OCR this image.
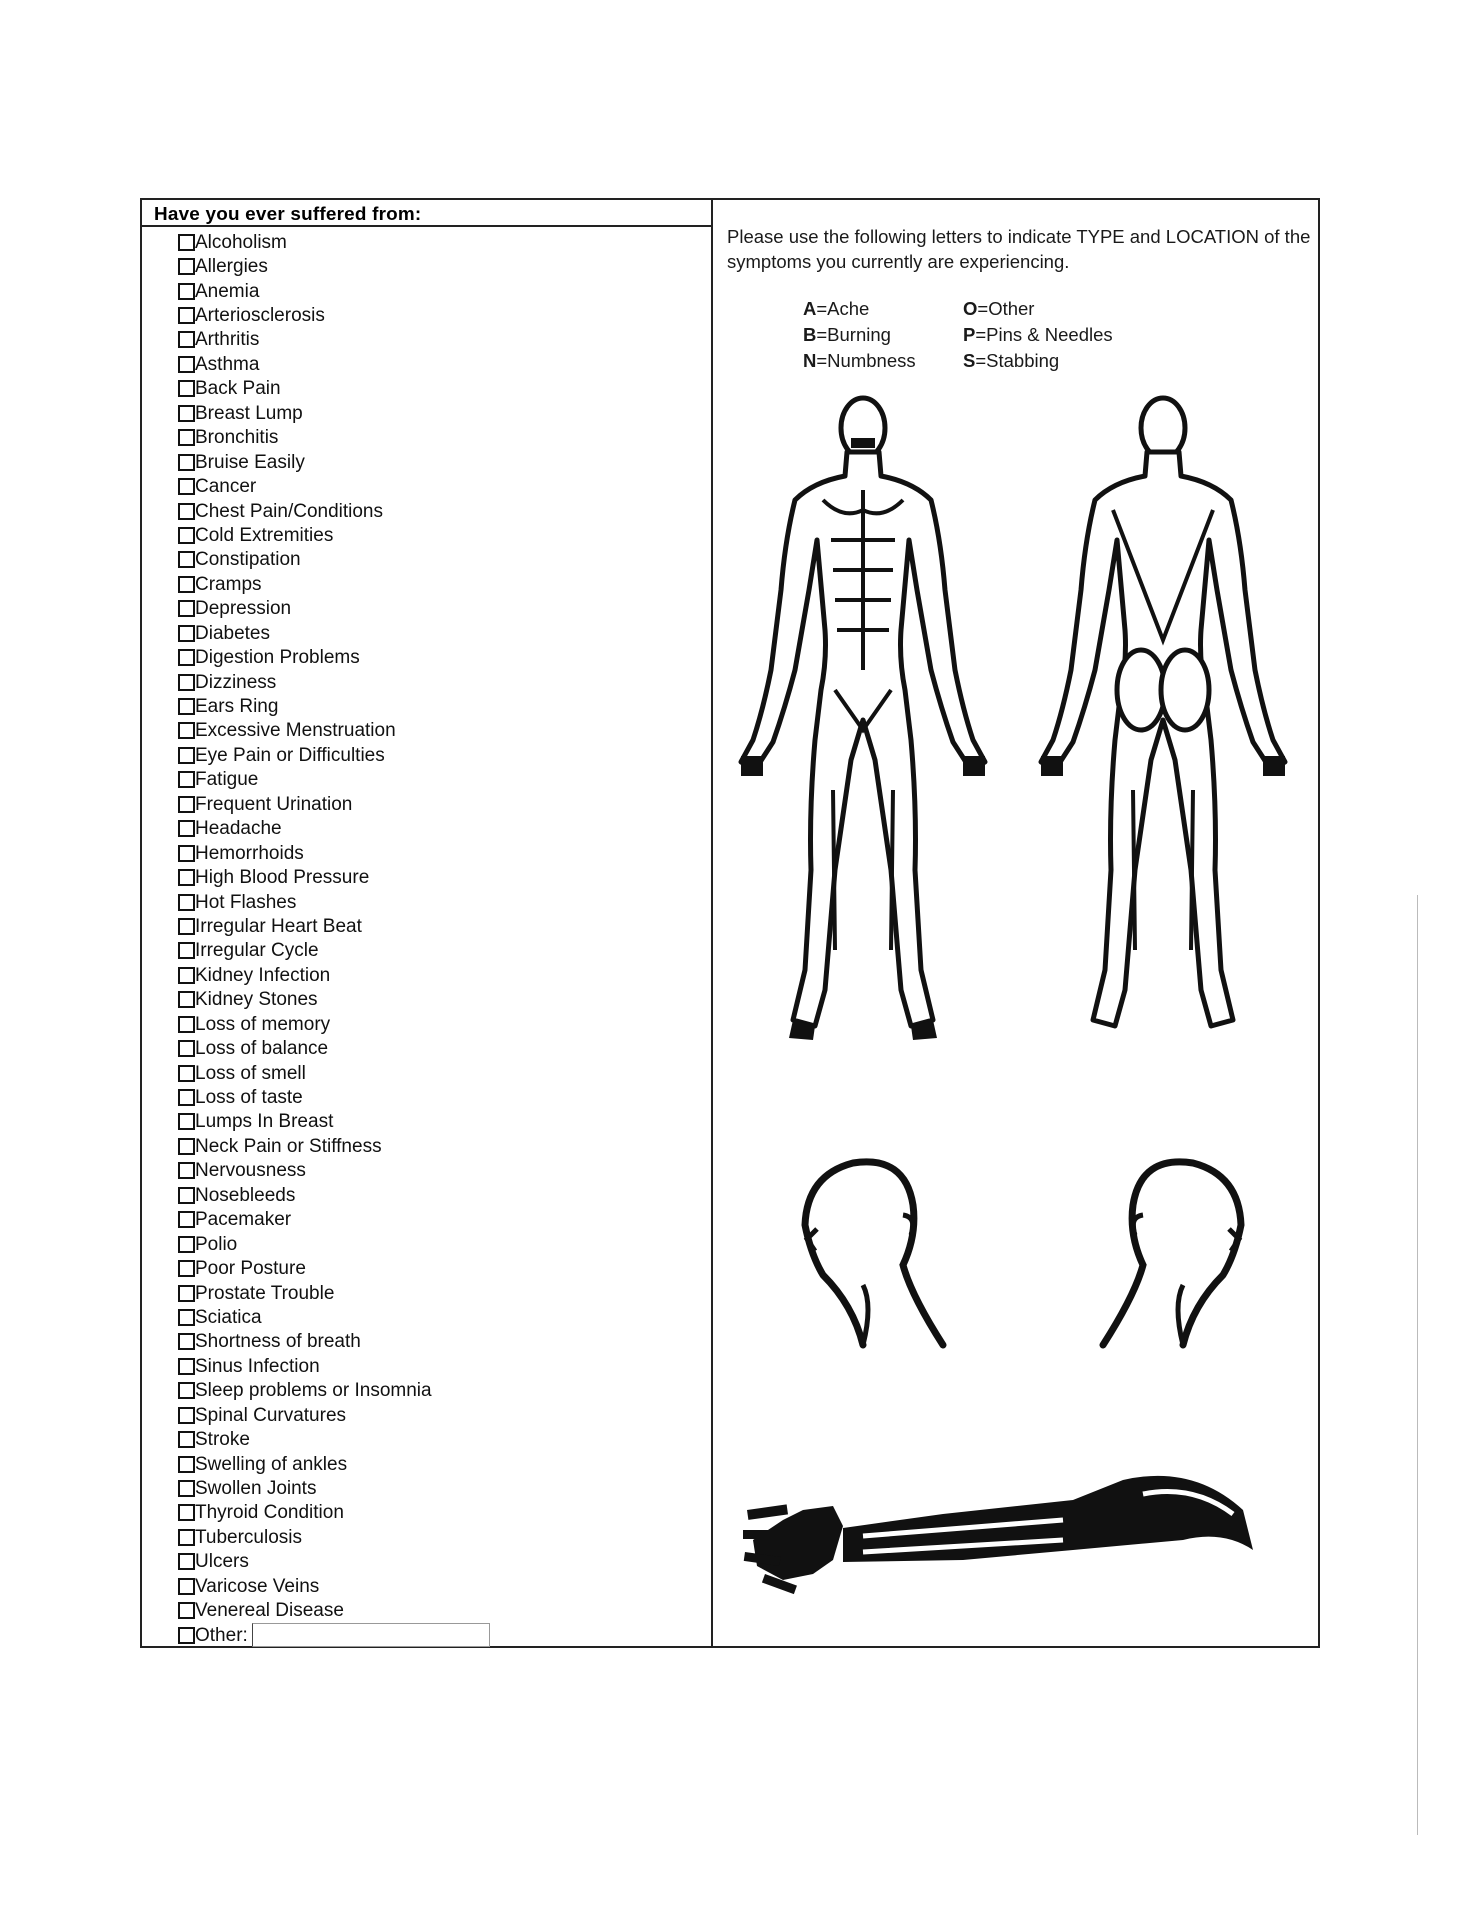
Have you ever suffered from:
Alcoholism
Allergies
Anemia
Arteriosclerosis
Arthritis
Asthma
Back Pain
Breast Lump
Bronchitis
Bruise Easily
Cancer
Chest Pain/Conditions
Cold Extremities
Constipation
Cramps
Depression
Diabetes
Digestion Problems
Dizziness
Ears Ring
Excessive Menstruation
Eye Pain or Difficulties
Fatigue
Frequent Urination
Headache
Hemorrhoids
High Blood Pressure
Hot Flashes
Irregular Heart Beat
Irregular Cycle
Kidney Infection
Kidney Stones
Loss of memory
Loss of balance
Loss of smell
Loss of taste
Lumps In Breast
Neck Pain or Stiffness
Nervousness
Nosebleeds
Pacemaker
Polio
Poor Posture
Prostate Trouble
Sciatica
Shortness of breath
Sinus Infection
Sleep problems or Insomnia
Spinal Curvatures
Stroke
Swelling of ankles
Swollen Joints
Thyroid Condition
Tuberculosis
Ulcers
Varicose Veins
Venereal Disease
Other:
Please use the following letters to indicate TYPE and LOCATION of the symptoms you currently are experiencing.
A=Ache
B=Burning
N=Numbness
O=Other
P=Pins & Needles
S=Stabbing
